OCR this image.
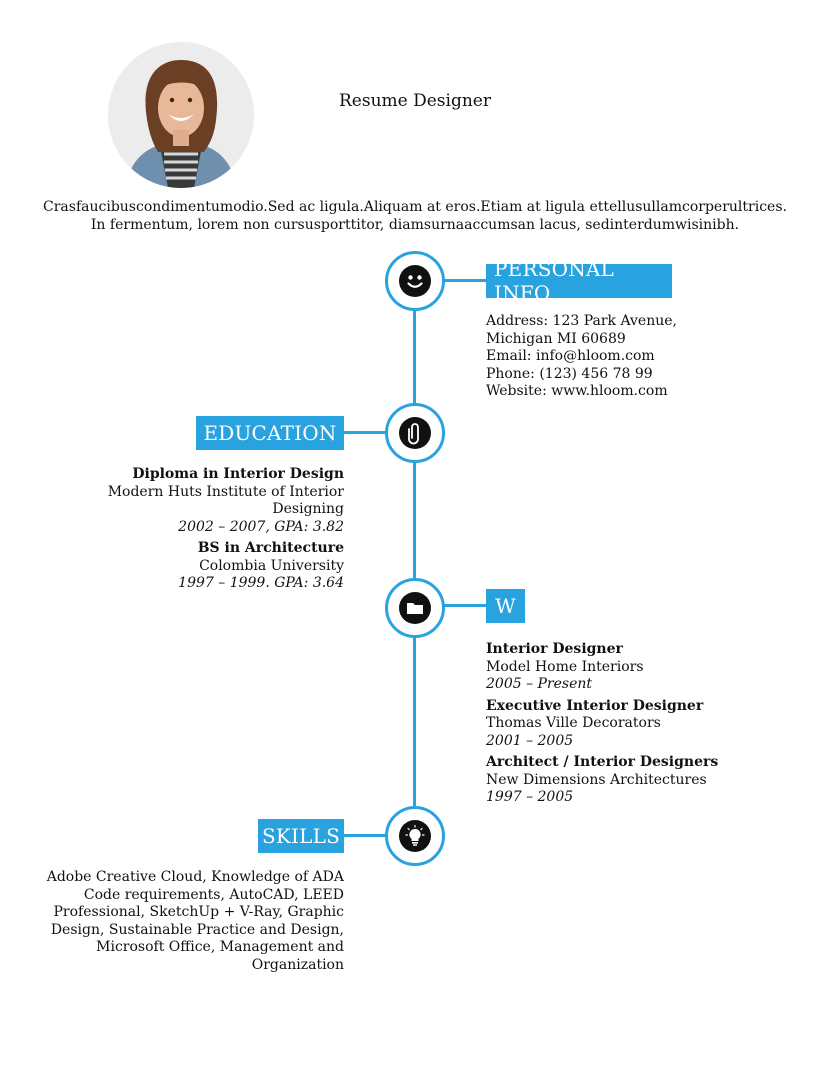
Resume Designer
Crasfaucibuscondimentumodio.Sed ac ligula.Aliquam at eros.Etiam at ligula ettellusullamcorperultrices.
In fermentum, lorem non cursusporttitor, diamsurnaaccumsan lacus, sedinterdumwisinibh.
PERSONAL INFO
Address: 123 Park Avenue,
Michigan MI 60689
Email: info@hloom.com
Phone: (123) 456 78 99
Website: www.hloom.com
EDUCATION
Diploma in Interior Design
Modern Huts Institute of Interior Designing
2002 – 2007, GPA: 3.82
BS in Architecture
Colombia University
1997 – 1999. GPA: 3.64
W
Interior Designer
Model Home Interiors
2005 – Present
Executive Interior Designer
Thomas Ville Decorators
2001 – 2005
Architect / Interior Designers
New Dimensions Architectures
1997 – 2005
SKILLS
Adobe Creative Cloud, Knowledge of ADA
Code requirements, AutoCAD, LEED
Professional, SketchUp + V-Ray, Graphic
Design, Sustainable Practice and Design,
Microsoft Office, Management and
Organization
